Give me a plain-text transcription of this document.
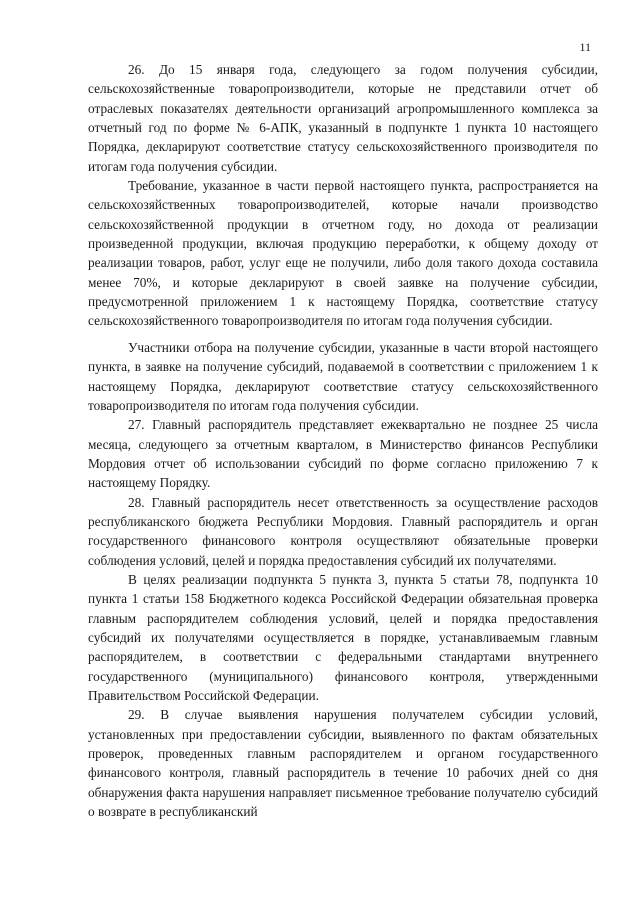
11

26. До 15 января года, следующего за годом получения субсидии, сельскохозяйственные товаропроизводители, которые не представили отчет об отраслевых показателях деятельности организаций агропромышленного комплекса за отчетный год по форме № 6-АПК, указанный в подпункте 1 пункта 10 настоящего Порядка, декларируют соответствие статусу сельскохозяйственного производителя по итогам года получения субсидии.

Требование, указанное в части первой настоящего пункта, распространяется на сельскохозяйственных товаропроизводителей, которые начали производство сельскохозяйственной продукции в отчетном году, но дохода от реализации произведенной продукции, включая продукцию переработки, к общему доходу от реализации товаров, работ, услуг еще не получили, либо доля такого дохода составила менее 70%, и которые декларируют в своей заявке на получение субсидии, предусмотренной приложением 1 к настоящему Порядка, соответствие статусу сельскохозяйственного товаропроизводителя по итогам года получения субсидии.

Участники отбора на получение субсидии, указанные в части второй настоящего пункта, в заявке на получение субсидий, подаваемой в соответствии с приложением 1 к настоящему Порядка, декларируют соответствие статусу сельскохозяйственного товаропроизводителя по итогам года получения субсидии.

27. Главный распорядитель представляет ежеквартально не позднее 25 числа месяца, следующего за отчетным кварталом, в Министерство финансов Республики Мордовия отчет об использовании субсидий по форме согласно приложению 7 к настоящему Порядку.

28. Главный распорядитель несет ответственность за осуществление расходов республиканского бюджета Республики Мордовия. Главный распорядитель и орган государственного финансового контроля осуществляют обязательные проверки соблюдения условий, целей и порядка предоставления субсидий их получателями.

В целях реализации подпункта 5 пункта 3, пункта 5 статьи 78, подпункта 10 пункта 1 статьи 158 Бюджетного кодекса Российской Федерации обязательная проверка главным распорядителем соблюдения условий, целей и порядка предоставления субсидий их получателями осуществляется в порядке, устанавливаемым главным распорядителем, в соответствии с федеральными стандартами внутреннего государственного (муниципального) финансового контроля, утвержденными Правительством Российской Федерации.

29. В случае выявления нарушения получателем субсидии условий, установленных при предоставлении субсидии, выявленного по фактам обязательных проверок, проведенных главным распорядителем и органом государственного финансового контроля, главный распорядитель в течение 10 рабочих дней со дня обнаружения факта нарушения направляет письменное требование получателю субсидий о возврате в республиканский
